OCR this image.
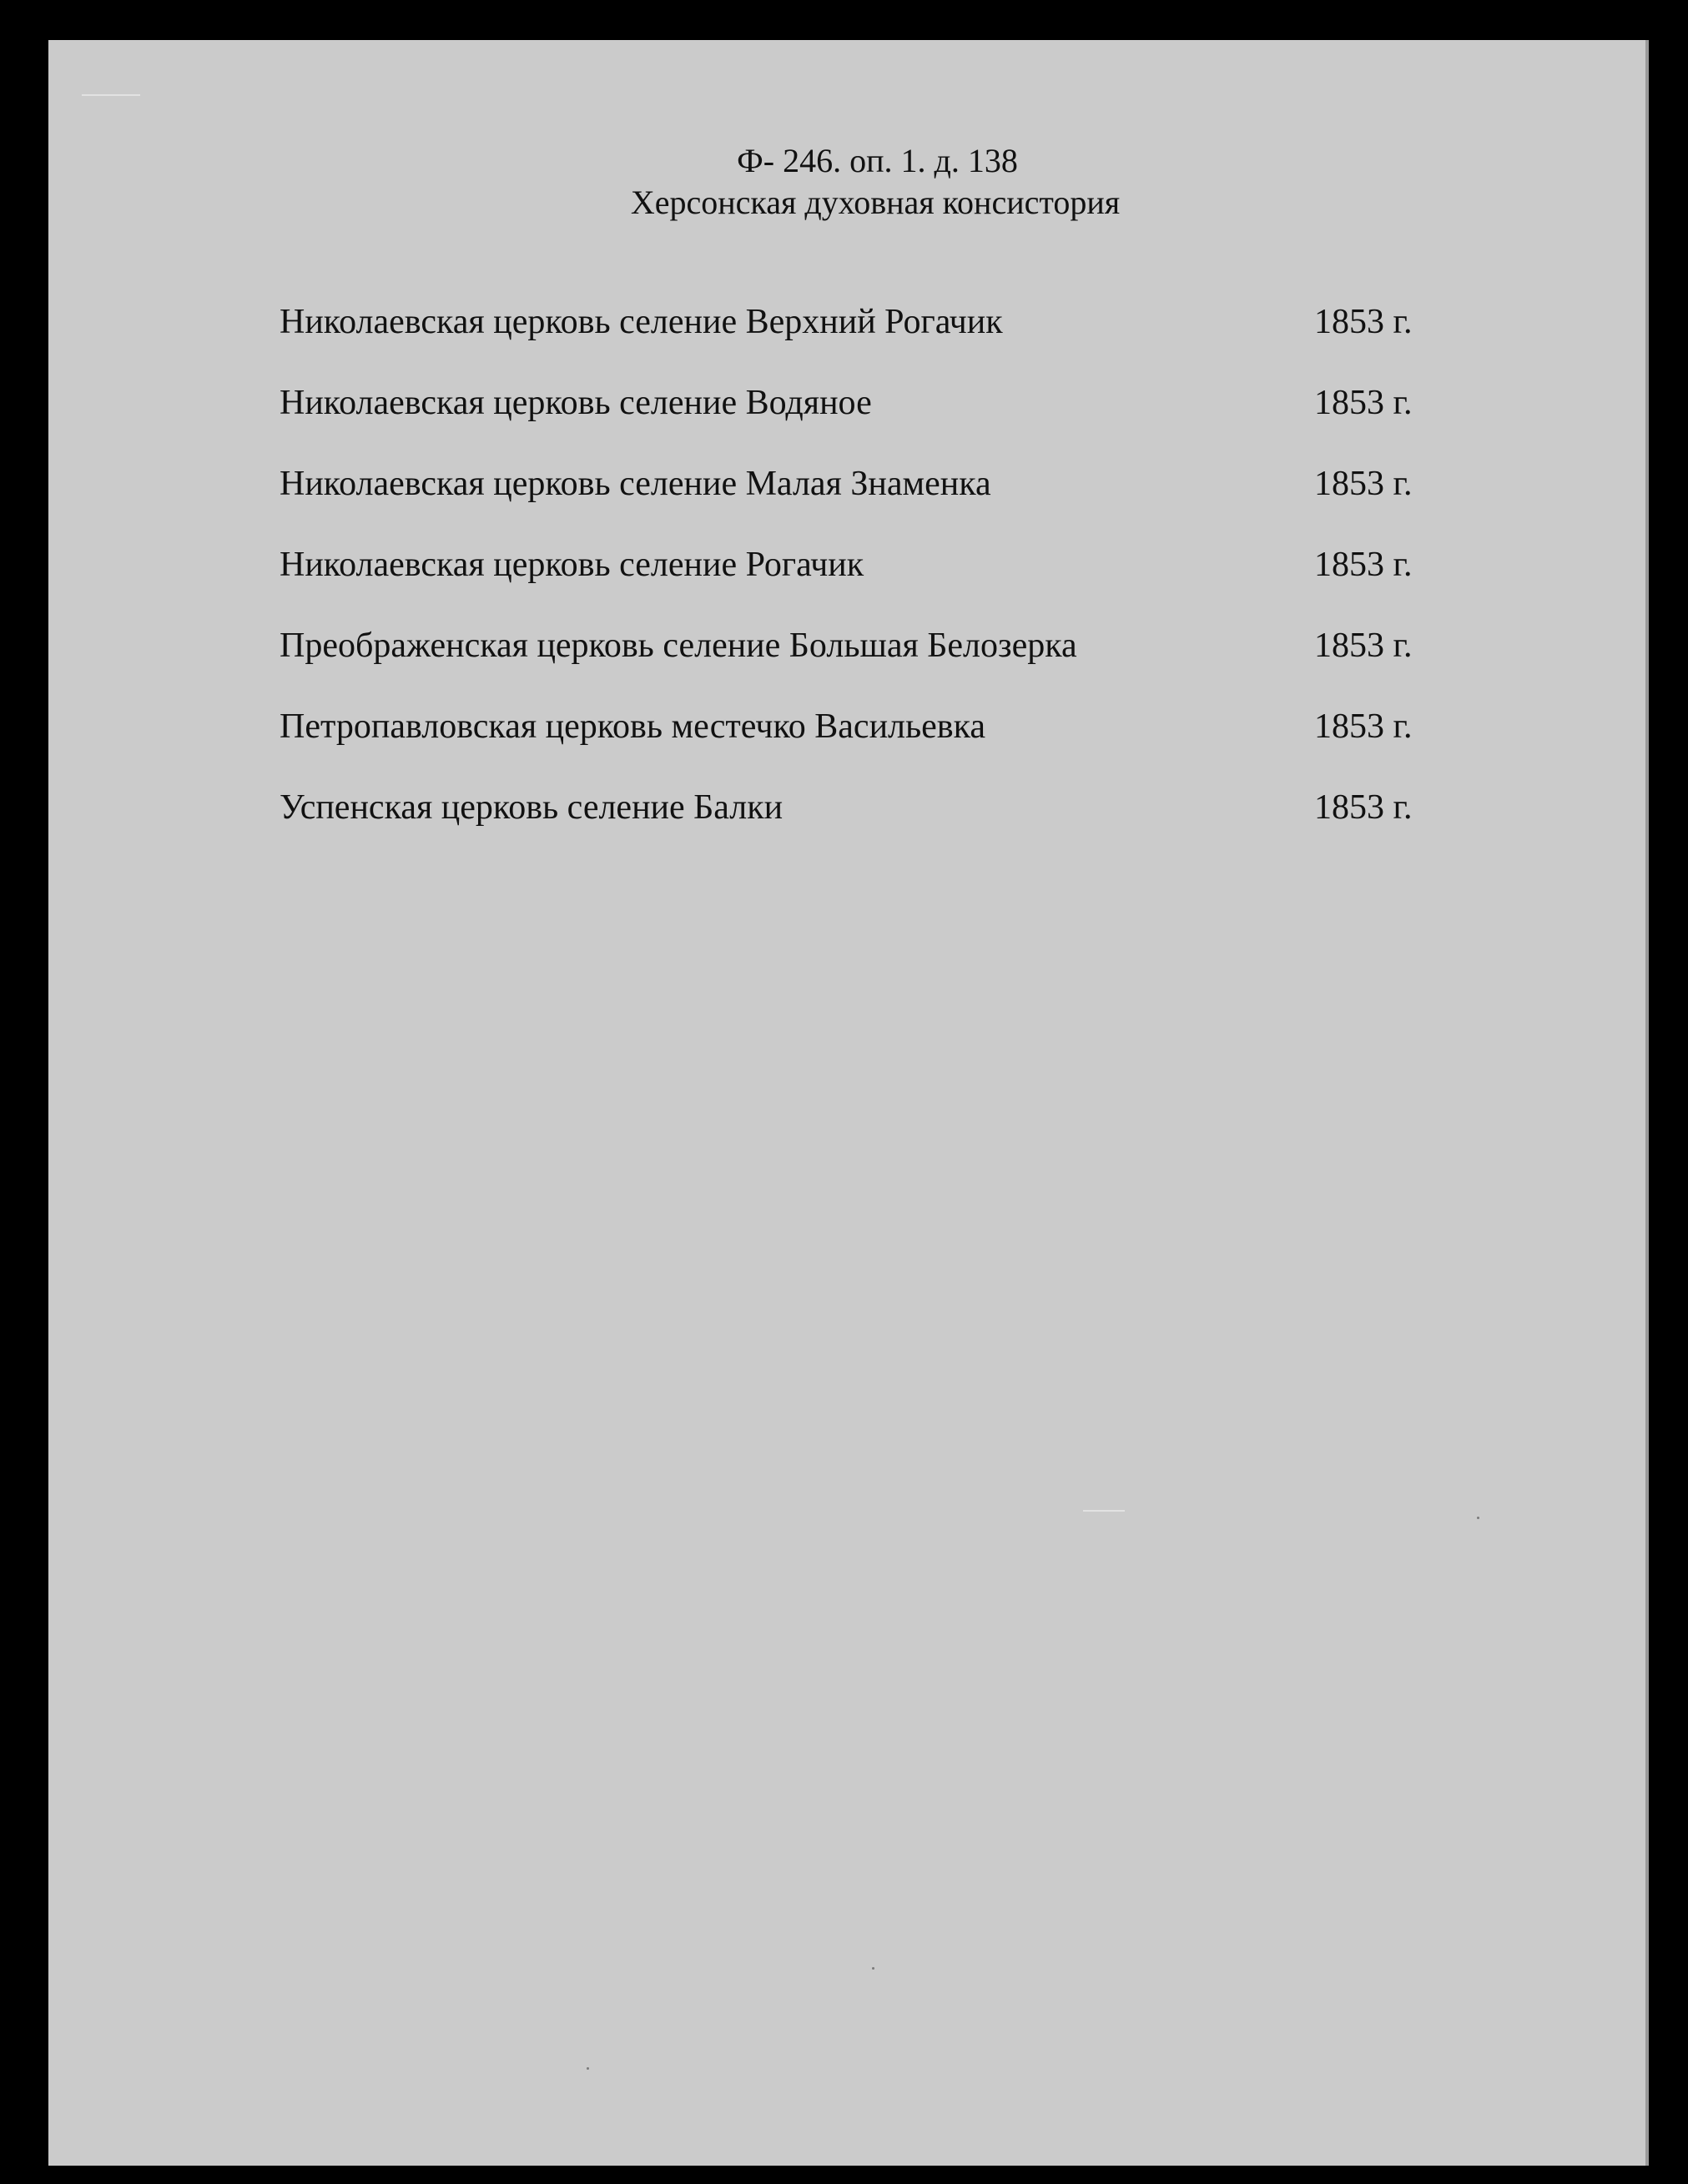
Ф- 246. оп. 1. д. 138
Херсонская духовная консистория
Николаевская церковь селение Верхний Рогачик	1853 г.
Николаевская церковь селение Водяное	1853 г.
Николаевская церковь селение Малая Знаменка	1853 г.
Николаевская церковь селение Рогачик	1853 г.
Преображенская церковь селение Большая Белозерка	1853 г.
Петропавловская церковь местечко Васильевка	1853 г.
Успенская церковь селение Балки	1853 г.
